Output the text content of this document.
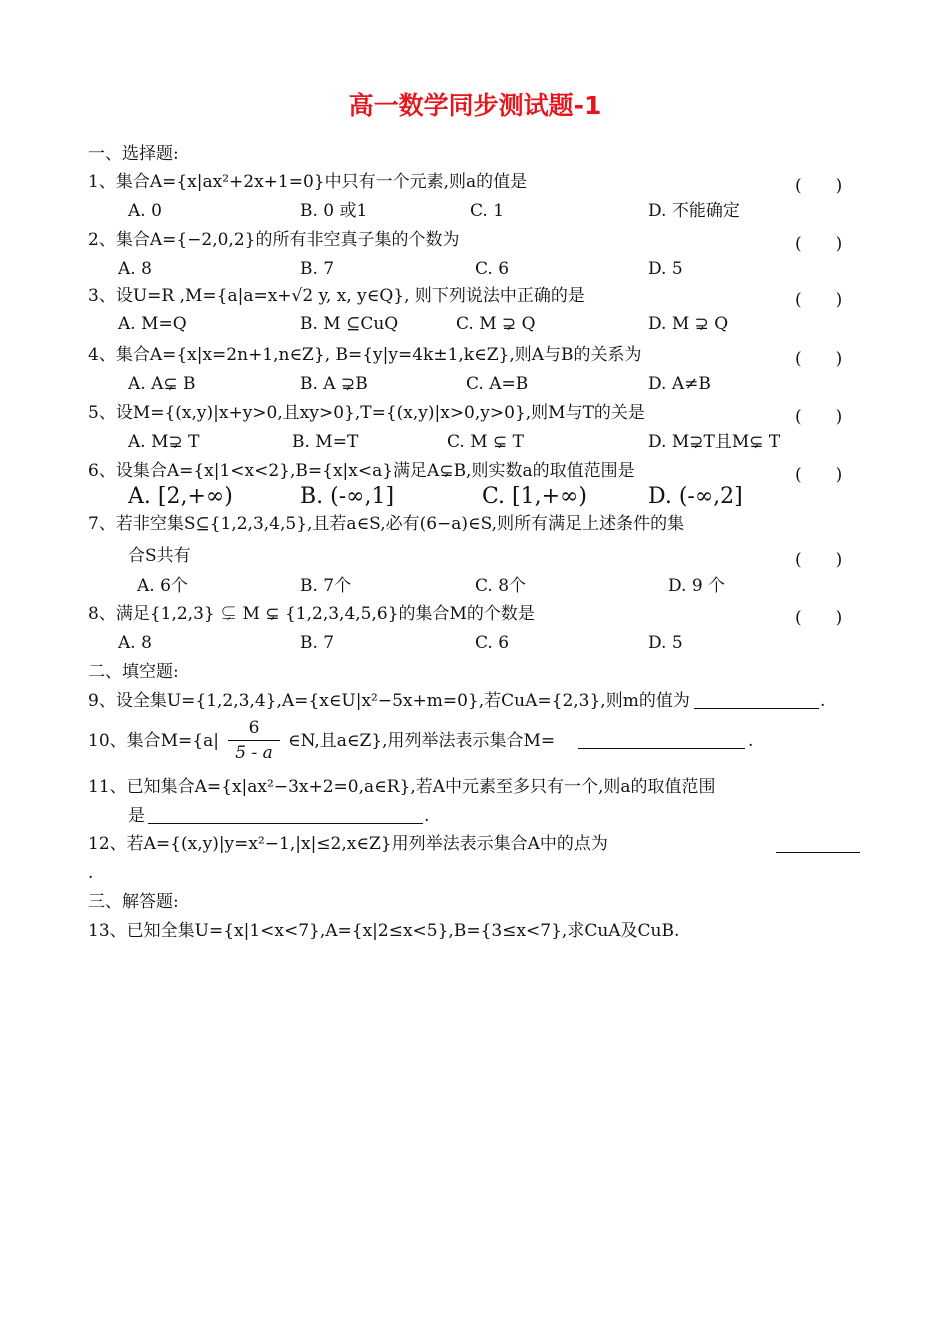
高一数学同步测试题-1
一、选择题:
1、集合A={x|ax²+2x+1=0}中只有一个元素,则a的值是	(　　)
A. 0	B. 0 或1	C. 1	D. 不能确定
2、集合A={−2,0,2}的所有非空真子集的个数为	(　　)
A. 8	B. 7	C. 6	D. 5
3、设U=R ,M={a|a=x+√2 y, x, y∈Q}, 则下列说法中正确的是	(　　)
A. M=Q	B. M ⊆CuQ	C. M ⊋ Q	D. M ⊋ Q
4、集合A={x|x=2n+1,n∈Z}, B={y|y=4k±1,k∈Z},则A与B的关系为	(　　)
A. A⊊ B	B. A ⊋B	C. A=B	D. A≠B
5、设M={(x,y)|x+y>0,且xy>0},T={(x,y)|x>0,y>0},则M与T的关是	(　　)
A. M⊋ T	B. M=T	C. M ⊊ T	D. M⊋T且M⊊ T
6、设集合A={x|1<x<2},B={x|x<a}满足A⊊B,则实数a的取值范围是	(　　)
A. [2,+∞)	B. (-∞,1]	C. [1,+∞)	D. (-∞,2]
7、若非空集S⊆{1,2,3,4,5},且若a∈S,必有(6−a)∈S,则所有满足上述条件的集
合S共有	(　　)
A. 6个	B. 7个	C. 8个	D. 9 个
8、满足{1,2,3} ⊊ M ⊊ {1,2,3,4,5,6}的集合M的个数是	(　　)
A. 8	B. 7	C. 6	D. 5
二、填空题:
9、设全集U={1,2,3,4},A={x∈U|x²−5x+m=0},若CuA={2,3},则m的值为	.
10、集合M={a|
6
5 - a
∈N,且a∈Z},用列举法表示集合M=	.
11、已知集合A={x|ax²−3x+2=0,a∈R},若A中元素至多只有一个,则a的取值范围
是	.
12、若A={(x,y)|y=x²−1,|x|≤2,x∈Z}用列举法表示集合A中的点为
.
三、解答题:
13、已知全集U={x|1<x<7},A={x|2≤x<5},B={3≤x<7},求CuA及CuB.
